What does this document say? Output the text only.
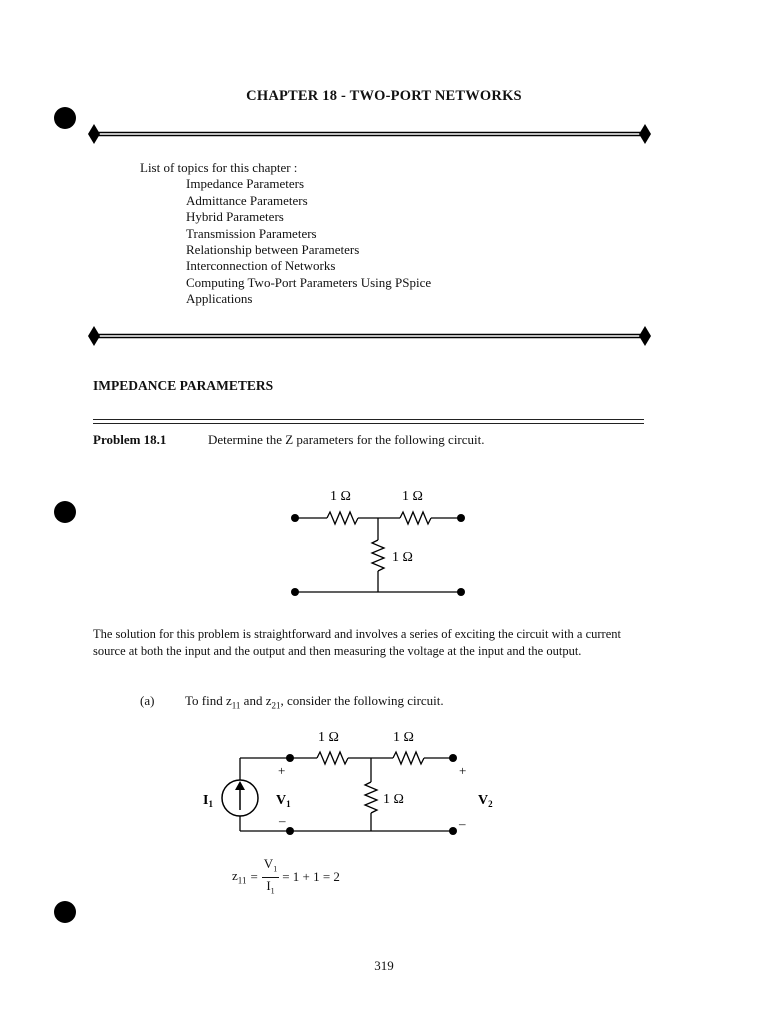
CHAPTER 18 - TWO-PORT NETWORKS
List of topics for this chapter :
Impedance Parameters
Admittance Parameters
Hybrid Parameters
Transmission Parameters
Relationship between Parameters
Interconnection of Networks
Computing Two-Port Parameters Using PSpice
Applications
IMPEDANCE PARAMETERS
Problem 18.1	Determine the Z parameters for the following circuit.
1 Ω	1 Ω
1 Ω
The solution for this problem is straightforward and involves a series of exciting the circuit with a current source at both the input and the output and then measuring the voltage at the input and the output.
(a) To find $z_{11}$ and $z_{21}$, consider the following circuit.
1 Ω	1 Ω
1 Ω
+
–
+
–
$I_1$	$V_1$	$V_2$
$z_{11} = \frac{V_1}{I_1} = 1 + 1 = 2$
319
